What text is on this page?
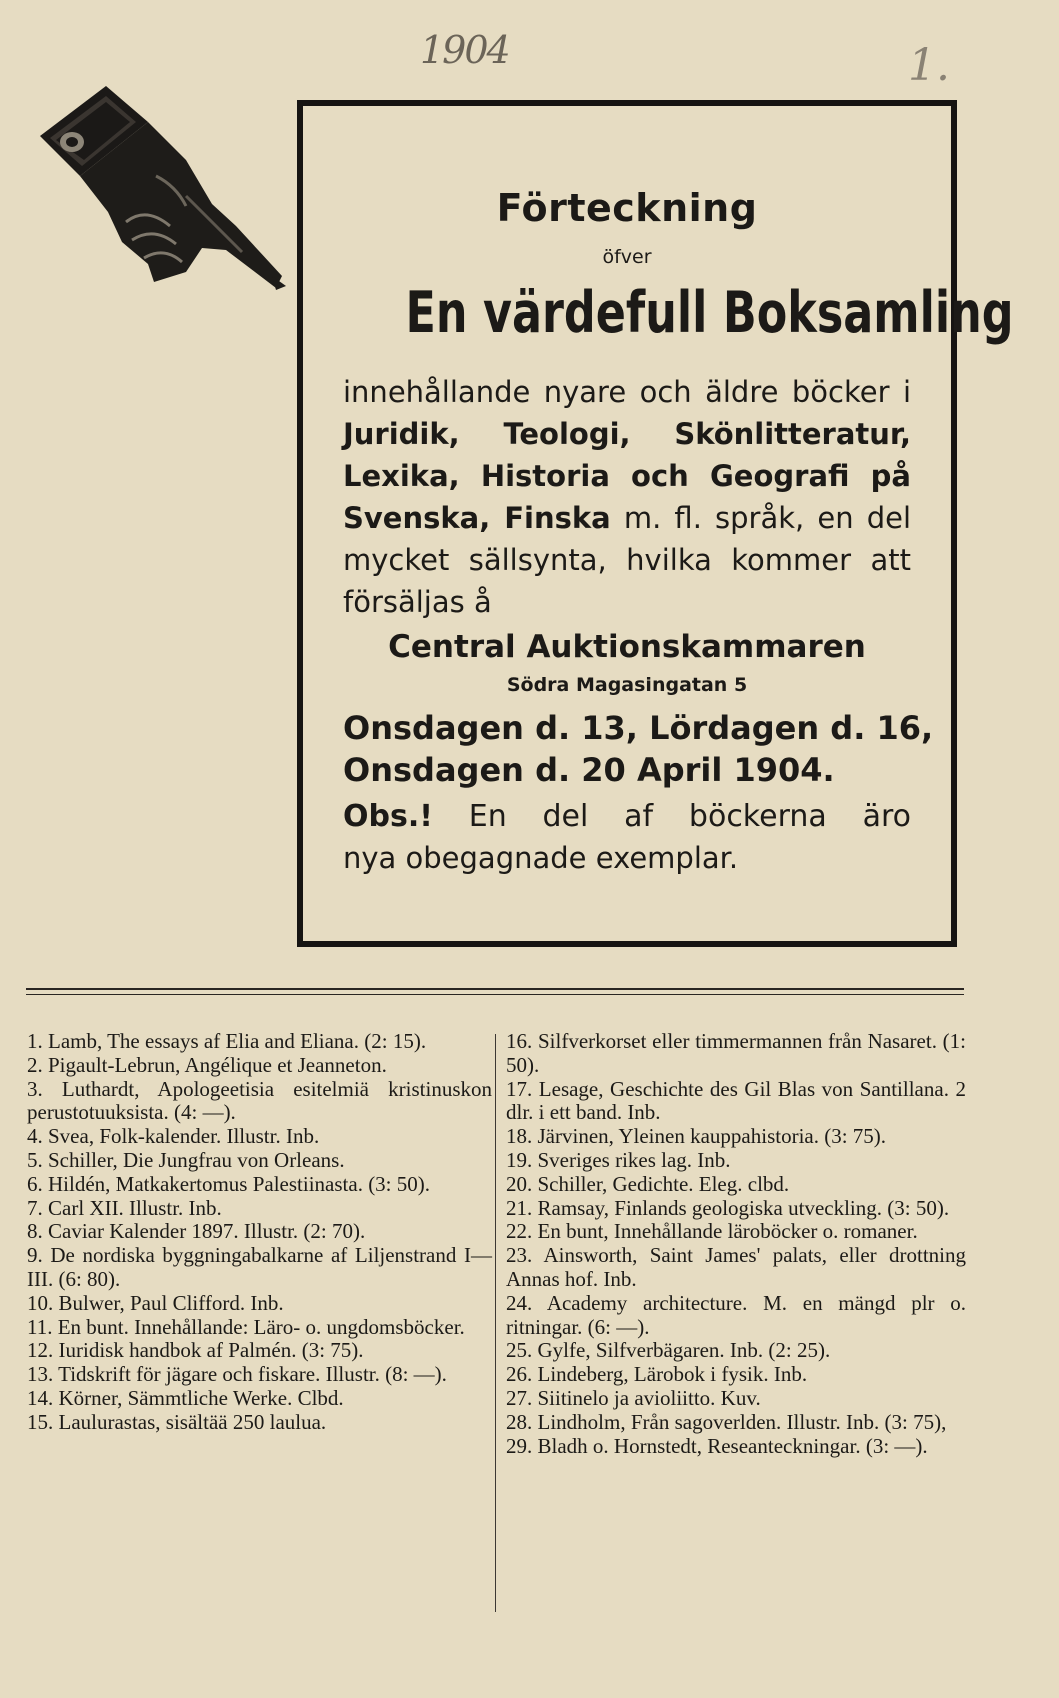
1904	1.
Förteckning
öfver
En värdefull Boksamling
innehållande nyare och äldre böcker i
Juridik, Teologi, Skönlitteratur,
Lexika, Historia och Geografi på
Svenska, Finska m. fl. språk, en del
mycket sällsynta, hvilka kommer att
försäljas å
Central Auktionskammaren
Södra Magasingatan 5
Onsdagen d. 13, Lördagen d. 16,
Onsdagen d. 20 April 1904.
Obs.! En del af böckerna äro
nya obegagnade exemplar.

1. Lamb, The essays af Elia and Eliana. (2: 15).

2. Pigault-Lebrun, Angélique et Jeanneton.

3. Luthardt, Apologeetisia esitelmiä kristinuskon perustotuuksista. (4: —).

4. Svea, Folk-kalender. Illustr. Inb.

5. Schiller, Die Jungfrau von Orleans.

6. Hildén, Matkakertomus Palestiinasta. (3: 50).

7. Carl XII. Illustr. Inb.

8. Caviar Kalender 1897. Illustr. (2: 70).

9. De nordiska byggningabalkarne af Liljenstrand I—III. (6: 80).

10. Bulwer, Paul Clifford. Inb.

11. En bunt. Innehållande: Läro- o. ungdomsböcker.

12. Iuridisk handbok af Palmén. (3: 75).

13. Tidskrift för jägare och fiskare. Illustr. (8: —).

14. Körner, Sämmtliche Werke. Clbd.

15. Laulurastas, sisältää 250 laulua.

16. Silfverkorset eller timmermannen från Nasaret. (1: 50).

17. Lesage, Geschichte des Gil Blas von Santillana. 2 dlr. i ett band. Inb.

18. Järvinen, Yleinen kauppahistoria. (3: 75).

19. Sveriges rikes lag. Inb.

20. Schiller, Gedichte. Eleg. clbd.

21. Ramsay, Finlands geologiska utveckling. (3: 50).

22. En bunt, Innehållande läroböcker o. romaner.

23. Ainsworth, Saint James' palats, eller drottning Annas hof. Inb.

24. Academy architecture. M. en mängd plr o. ritningar. (6: —).

25. Gylfe, Silfverbägaren. Inb. (2: 25).

26. Lindeberg, Lärobok i fysik. Inb.

27. Siitinelo ja avioliitto. Kuv.

28. Lindholm, Från sagoverlden. Illustr. Inb. (3: 75),

29. Bladh o. Hornstedt, Reseanteckningar. (3: —).
